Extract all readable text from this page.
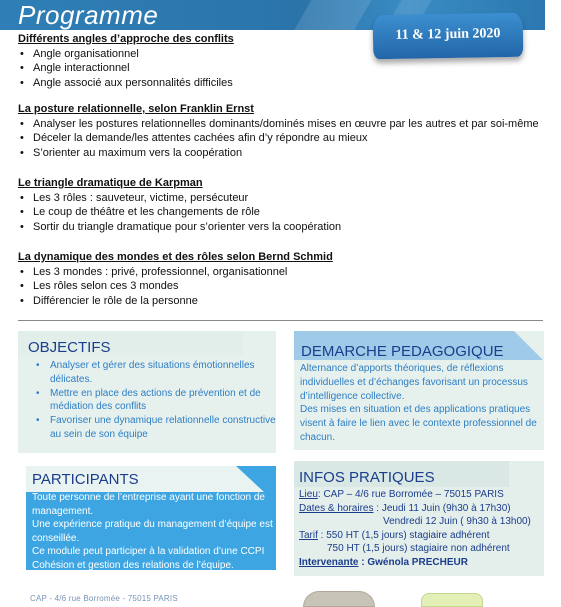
Programme
11 & 12 juin 2020
Différents angles d’approche des conflits
• Angle organisationnel
• Angle interactionnel
• Angle associé aux personnalités difficiles
La posture relationnelle, selon Franklin Ernst
• Analyser les postures relationnelles dominants/dominés mises en œuvre par les autres et par soi-même
• Déceler la demande/les attentes cachées afin d’y répondre au mieux
• S’orienter au maximum vers la coopération
Le triangle dramatique de Karpman
• Les 3 rôles : sauveteur, victime, persécuteur
• Le coup de théâtre et les changements de rôle
• Sortir du triangle dramatique pour s’orienter vers la coopération
La dynamique des mondes et des rôles selon Bernd Schmid
• Les 3 mondes : privé, professionnel, organisationnel
• Les rôles selon ces 3 mondes
• Différencier le rôle de la personne
OBJECTIFS
• Analyser et gérer des situations émotionnelles délicates.
• Mettre en place des actions de prévention et de médiation des conflits
• Favoriser une dynamique relationnelle constructive au sein de son équipe
DEMARCHE PEDAGOGIQUE
Alternance d’apports théoriques, de réflexions individuelles et d’échanges favorisant un processus d’intelligence collective.
Des mises en situation et des applications pratiques visent à faire le lien avec le contexte professionnel de chacun.
PARTICIPANTS
Toute personne de l’entreprise ayant une fonction de management.
Une expérience pratique du management d’équipe est conseillée.
Ce module peut participer à la validation d’une CCPI Cohésion et gestion des relations de l’équipe.
INFOS PRATIQUES
Lieu: CAP – 4/6 rue Borromée – 75015 PARIS
Dates & horaires : Jeudi 11 Juin (9h30 à 17h30)
Vendredi 12 Juin ( 9h30 à 13h00)
Tarif : 550 HT (1,5 jours) stagiaire adhérent
750 HT (1,5 jours) stagiaire non adhérent
Intervenante : Gwénola PRECHEUR
CAP - 4/6 rue Borromée - 75015 PARIS
